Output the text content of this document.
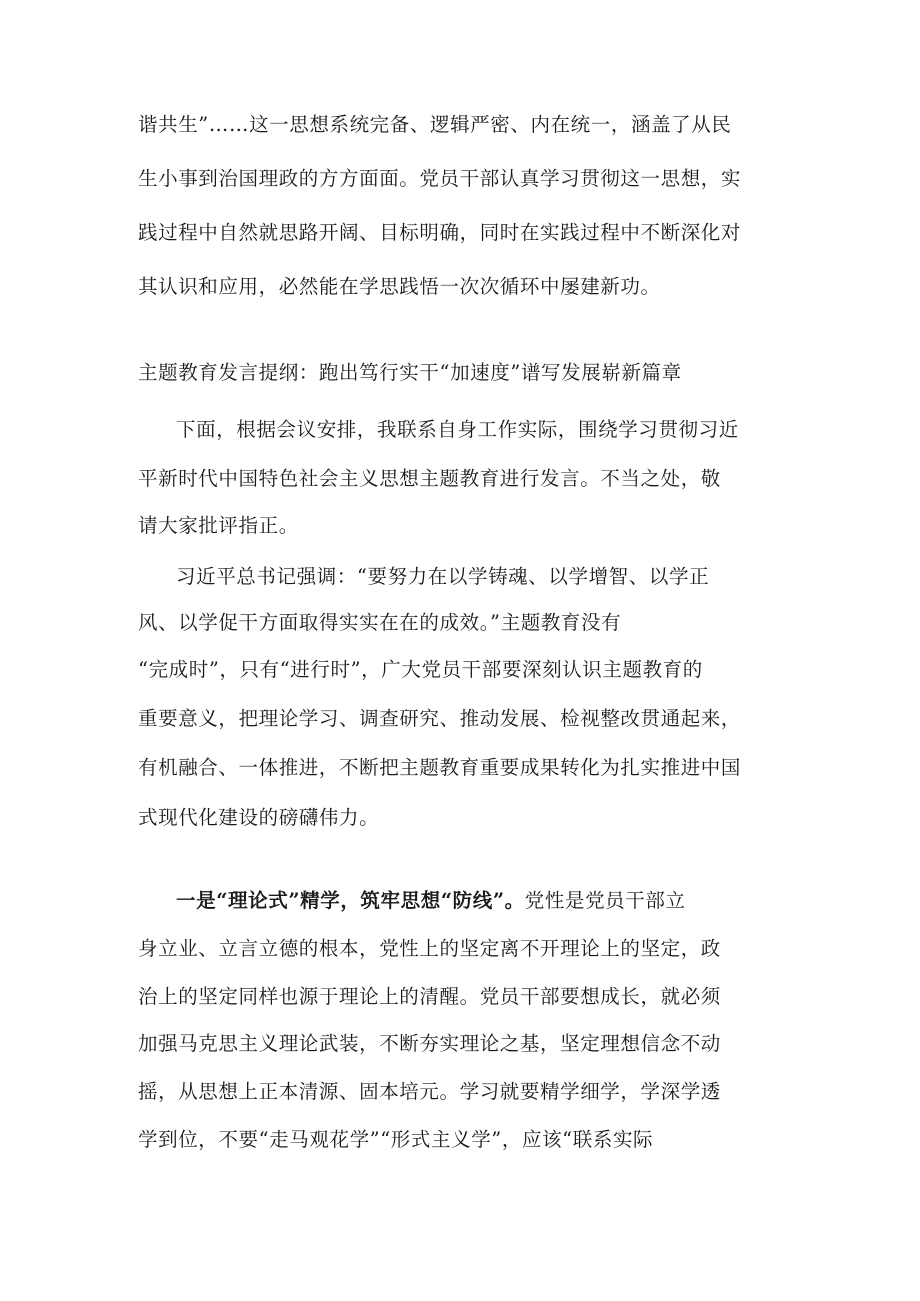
谐共生”……这一思想系统完备、逻辑严密、内在统一，涵盖了从民
生小事到治国理政的方方面面。党员干部认真学习贯彻这一思想，实
践过程中自然就思路开阔、目标明确，同时在实践过程中不断深化对
其认识和应用，必然能在学思践悟一次次循环中屡建新功。
主题教育发言提纲：跑出笃行实干“加速度”谱写发展崭新篇章
下面，根据会议安排，我联系自身工作实际，围绕学习贯彻习近
平新时代中国特色社会主义思想主题教育进行发言。不当之处，敬
请大家批评指正。
习近平总书记强调：“要努力在以学铸魂、以学增智、以学正
风、以学促干方面取得实实在在的成效。”主题教育没有
“完成时”，只有“进行时”，广大党员干部要深刻认识主题教育的
重要意义，把理论学习、调查研究、推动发展、检视整改贯通起来，
有机融合、一体推进，不断把主题教育重要成果转化为扎实推进中国
式现代化建设的磅礴伟力。
一是“理论式”精学，筑牢思想“防线”。党性是党员干部立
身立业、立言立德的根本，党性上的坚定离不开理论上的坚定，政
治上的坚定同样也源于理论上的清醒。党员干部要想成长，就必须
加强马克思主义理论武装，不断夯实理论之基，坚定理想信念不动
摇，从思想上正本清源、固本培元。学习就要精学细学，学深学透
学到位，不要“走马观花学”“形式主义学”，应该“联系实际
